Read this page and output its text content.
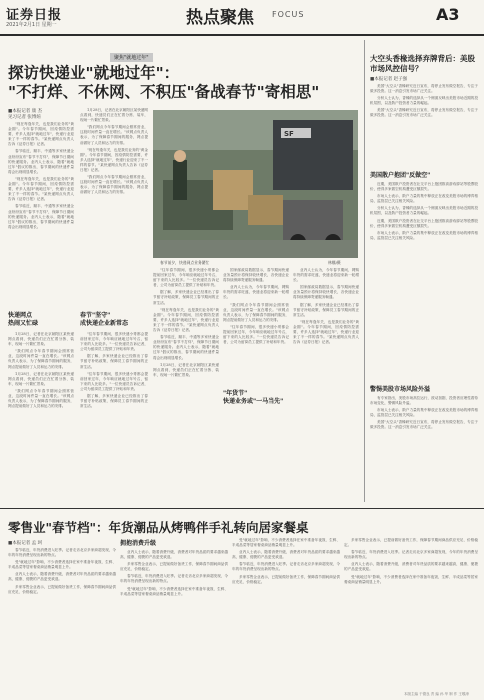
证券日报
2021年2月1日 星期一	热点聚焦 FOCUS	A3
聚焦"就地过年"
探访快递业"就地过年"：
"不打烊、不休网、不积压"备战春节"寄相思"
■本报记者 康 杰
见习记者 张博煊

"现在每逢年关，也是我们业务的"黄金期"。今年春节期间，因疫情防控需要，许多人选择"就地过年"，快递行业迎来了不一样的春节。"某快递网点负责人告诉《证券日报》记者。

春节临近，顺丰、中通等多家快递企业纷纷宣布"春节不打烊"，保障节日期间的快递服务。业内人士表示，随着"就地过年"倡议的推出，春节期间的快递件量将会出现明显增长。

"现在每逢年关，也是我们业务的"黄金期"。今年春节期间，因疫情防控需要，许多人选择"就地过年"，快递行业迎来了不一样的春节。"某快递网点负责人告诉《证券日报》记者。

春节临近，顺丰、中通等多家快递企业纷纷宣布"春节不打烊"，保障节日期间的快递服务。业内人士表示，随着"就地过年"倡议的推出，春节期间的快递件量将会出现明显增长。

快递网点
热闹又忙碌

1月28日，记者在北京朝阳区某快递网点看到，快递员们正在忙着分拣、装车，现场一片繁忙景象。

"我们网点今年春节期间会照常营业，这段时间件量一直在增长。"该网点负责人表示，为了保障春节期间的服务，网点提前做好了人员和运力的安排。

1月28日，记者在北京朝阳区某快递网点看到，快递员们正在忙着分拣、装车，现场一片繁忙景象。

"我们网点今年春节期间会照常营业，这段时间件量一直在增长。"该网点负责人表示，为了保障春节期间的服务，网点提前做好了人员和运力的安排。

1月28日，记者在北京朝阳区某快递网点看到，快递员们正在忙着分拣、装车，现场一片繁忙景象。

"我们网点今年春节期间会照常营业，这段时间件量一直在增长。"该网点负责人表示，为了保障春节期间的服务，网点提前做好了人员和运力的安排。

"现在每逢年关，也是我们业务的"黄金期"。今年春节期间，因疫情防控需要，许多人选择"就地过年"，快递行业迎来了不一样的春节。"某快递网点负责人告诉《证券日报》记者。

"我们网点今年春节期间会照常营业，这段时间件量一直在增长。"该网点负责人表示，为了保障春节期间的服务，网点提前做好了人员和运力的安排。

春节"坚守"
成快递企业新常态

"往年春节期间，很多快递小哥都会提前回家过年，今年响应就地过年号召，留下来的人比较多。"一位快递员告诉记者，公司为留岗员工提供了补贴和年货。

据了解，多家快递企业已经推出了春节留守补贴政策，保障员工春节期间的正常生活。

"往年春节期间，很多快递小哥都会提前回家过年，今年响应就地过年号召，留下来的人比较多。"一位快递员告诉记者，公司为留岗员工提供了补贴和年货。

据了解，多家快递企业已经推出了春节留守补贴政策，保障员工春节期间的正常生活。

SF
春节前夕，快递网点业务繁忙	林娜/摄

"往年春节期间，很多快递小哥都会提前回家过年，今年响应就地过年号召，留下来的人比较多。"一位快递员告诉记者，公司为留岗员工提供了补贴和年货。

据了解，多家快递企业已经推出了春节留守补贴政策，保障员工春节期间的正常生活。

"现在每逢年关，也是我们业务的"黄金期"。今年春节期间，因疫情防控需要，许多人选择"就地过年"，快递行业迎来了不一样的春节。"某快递网点负责人告诉《证券日报》记者。

春节临近，顺丰、中通等多家快递企业纷纷宣布"春节不打烊"，保障节日期间的快递服务。业内人士表示，随着"就地过年"倡议的推出，春节期间的快递件量将会出现明显增长。

1月28日，记者在北京朝阳区某快递网点看到，快递员们正在忙着分拣、装车，现场一片繁忙景象。

国家邮政局数据显示，春节期间快递业务量预计将保持较快增长，各快递企业将持续保障寄递服务畅通。

业内人士认为，今年春节期间，网购年货的需求旺盛，快递业将迎来新一轮增长。

"我们网点今年春节期间会照常营业，这段时间件量一直在增长。"该网点负责人表示，为了保障春节期间的服务，网点提前做好了人员和运力的安排。

"往年春节期间，很多快递小哥都会提前回家过年，今年响应就地过年号召，留下来的人比较多。"一位快递员告诉记者，公司为留岗员工提供了补贴和年货。

"年货节"
快递业务或"一马当先"

业内人士认为，今年春节期间，网购年货的需求旺盛，快递业将迎来新一轮增长。

国家邮政局数据显示，春节期间快递业务量预计将保持较快增长，各快递企业将持续保障寄递服务畅通。

据了解，多家快递企业已经推出了春节留守补贴政策，保障员工春节期间的正常生活。

"现在每逢年关，也是我们业务的"黄金期"。今年春节期间，因疫情防控需要，许多人选择"就地过年"，快递行业迎来了不一样的春节。"某快递网点负责人告诉《证券日报》记者。

大空头香椽选择弃牌背后：美股市场风控信号？
■本报记者 赵子强

美国"大空头"香橼研究近日宣布，将停止发布做空报告，专注于做多投资。这一消息引发市场广泛关注。

分析人士认为，香橼的选择从一个侧面反映出美股市场近期的投机氛围，以及散户投资者力量的崛起。

美国"大空头"香橼研究近日宣布，将停止发布做空报告，专注于做多投资。这一消息引发市场广泛关注。

美国散户抱团"反做空"

近期，美国散户投资者在社交平台上抱团推高游戏驿站等股票股价，使得多家做空机构遭受巨额损失。

市场人士表示，散户力量的集中释放正在改变美股市场的博弈格局，监管层已关注相关风险。

分析人士认为，香橼的选择从一个侧面反映出美股市场近期的投机氛围，以及散户投资者力量的崛起。

近期，美国散户投资者在社交平台上抱团推高游戏驿站等股票股价，使得多家做空机构遭受巨额损失。

市场人士表示，散户力量的集中释放正在改变美股市场的博弈格局，监管层已关注相关风险。

警惕美股市场风险外溢

有专家指出，美股市场高位运行，波动加剧，投资者应理性看待市场变化，警惕风险外溢。

市场人士表示，散户力量的集中释放正在改变美股市场的博弈格局，监管层已关注相关风险。

美国"大空头"香橼研究近日宣布，将停止发布做空报告，专注于做多投资。这一消息引发市场广泛关注。

零售业"春节档"：年货潮品从烤鸭伴手礼转向居家餐桌
■本报记者 孟 珂

春节临近，年货消费进入旺季。记者走访北京多家商超发现，今年的年货消费呈现出新的特点。

受"就地过年"影响，不少消费者选择在家中准备年夜饭，生鲜、半成品菜等居家餐桌商品销量明显上升。

业内人士表示，随着消费升级，消费者对年货品质的要求越来越高，健康、便捷的产品更受欢迎。

多家零售企业表示，已提前做好备货工作，保障春节期间商品供应充足、价格稳定。

拥抱消费升级

业内人士表示，随着消费升级，消费者对年货品质的要求越来越高，健康、便捷的产品更受欢迎。

多家零售企业表示，已提前做好备货工作，保障春节期间商品供应充足、价格稳定。

春节临近，年货消费进入旺季。记者走访北京多家商超发现，今年的年货消费呈现出新的特点。

受"就地过年"影响，不少消费者选择在家中准备年夜饭，生鲜、半成品菜等居家餐桌商品销量明显上升。

受"就地过年"影响，不少消费者选择在家中准备年夜饭，生鲜、半成品菜等居家餐桌商品销量明显上升。

业内人士表示，随着消费升级，消费者对年货品质的要求越来越高，健康、便捷的产品更受欢迎。

春节临近，年货消费进入旺季。记者走访北京多家商超发现，今年的年货消费呈现出新的特点。

多家零售企业表示，已提前做好备货工作，保障春节期间商品供应充足、价格稳定。

多家零售企业表示，已提前做好备货工作，保障春节期间商品供应充足、价格稳定。

春节临近，年货消费进入旺季。记者走访北京多家商超发现，今年的年货消费呈现出新的特点。

业内人士表示，随着消费升级，消费者对年货品质的要求越来越高，健康、便捷的产品更受欢迎。

受"就地过年"影响，不少消费者选择在家中准备年夜饭，生鲜、半成品菜等居家餐桌商品销量明显上升。

本版主编 于德良 责 编 孙 华 制 作 王敬涛
